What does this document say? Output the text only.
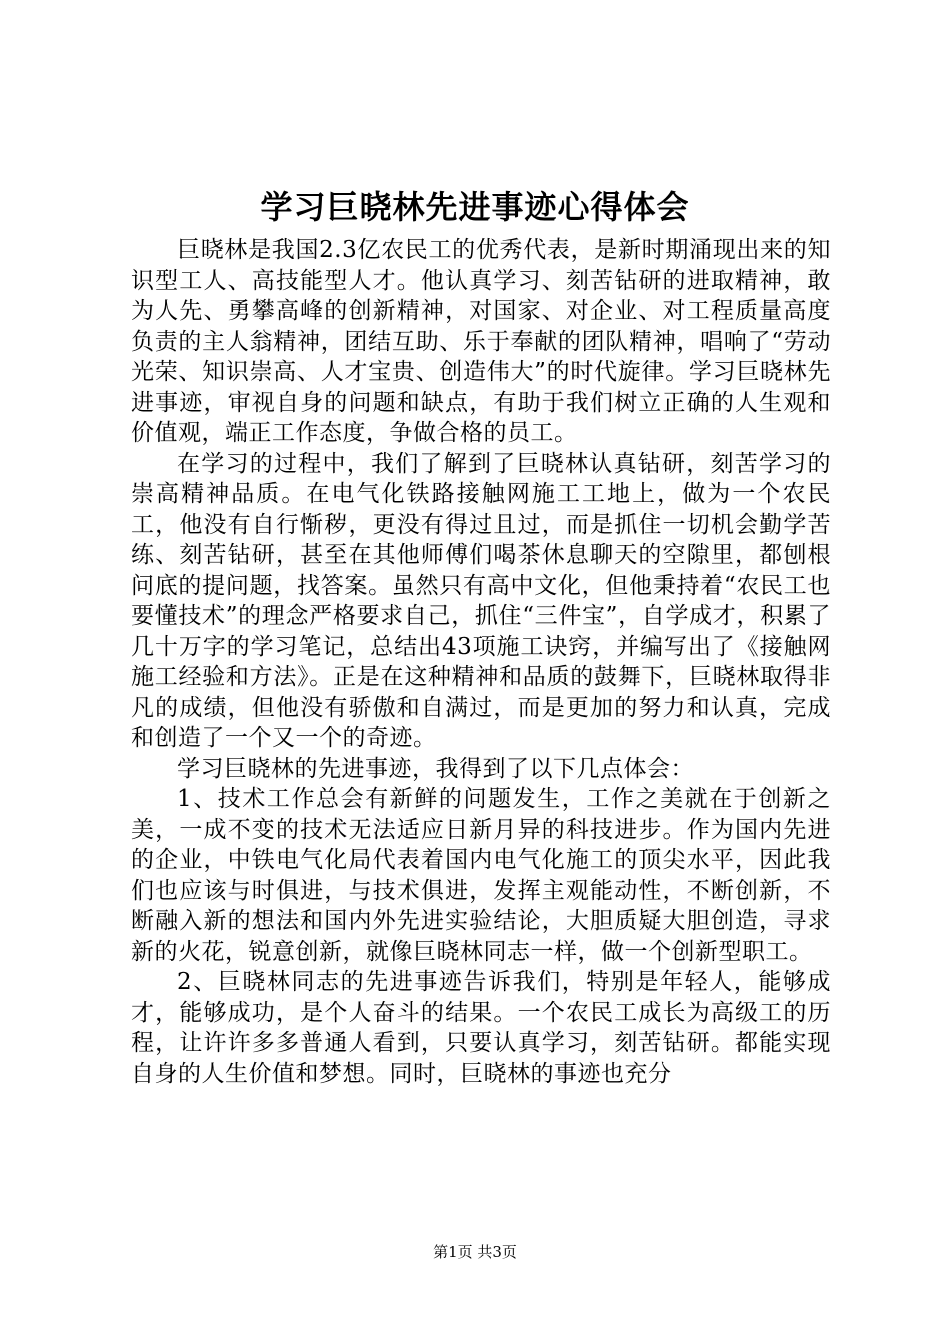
学习巨晓林先进事迹心得体会

巨晓林是我国2.3亿农民工的优秀代表，是新时期涌现出来的知识型工人、高技能型人才。他认真学习、刻苦钻研的进取精神，敢为人先、勇攀高峰的创新精神，对国家、对企业、对工程质量高度负责的主人翁精神，团结互助、乐于奉献的团队精神，唱响了“劳动光荣、知识崇高、人才宝贵、创造伟大”的时代旋律。学习巨晓林先进事迹，审视自身的问题和缺点，有助于我们树立正确的人生观和价值观，端正工作态度，争做合格的员工。

在学习的过程中，我们了解到了巨晓林认真钻研，刻苦学习的崇高精神品质。在电气化铁路接触网施工工地上，做为一个农民工，他没有自行惭秽，更没有得过且过，而是抓住一切机会勤学苦练、刻苦钻研，甚至在其他师傅们喝茶休息聊天的空隙里，都刨根问底的提问题，找答案。虽然只有高中文化，但他秉持着“农民工也要懂技术”的理念严格要求自己，抓住“三件宝”，自学成才，积累了几十万字的学习笔记，总结出43项施工诀窍，并编写出了《接触网施工经验和方法》。正是在这种精神和品质的鼓舞下，巨晓林取得非凡的成绩，但他没有骄傲和自满过，而是更加的努力和认真，完成和创造了一个又一个的奇迹。

学习巨晓林的先进事迹，我得到了以下几点体会：

1、技术工作总会有新鲜的问题发生，工作之美就在于创新之美，一成不变的技术无法适应日新月异的科技进步。作为国内先进的企业，中铁电气化局代表着国内电气化施工的顶尖水平，因此我们也应该与时俱进，与技术俱进，发挥主观能动性，不断创新，不断融入新的想法和国内外先进实验结论，大胆质疑大胆创造，寻求新的火花，锐意创新，就像巨晓林同志一样，做一个创新型职工。

2、巨晓林同志的先进事迹告诉我们，特别是年轻人，能够成才，能够成功，是个人奋斗的结果。一个农民工成长为高级工的历程，让许许多多普通人看到，只要认真学习，刻苦钻研。都能实现自身的人生价值和梦想。同时，巨晓林的事迹也充分

第1页 共3页
